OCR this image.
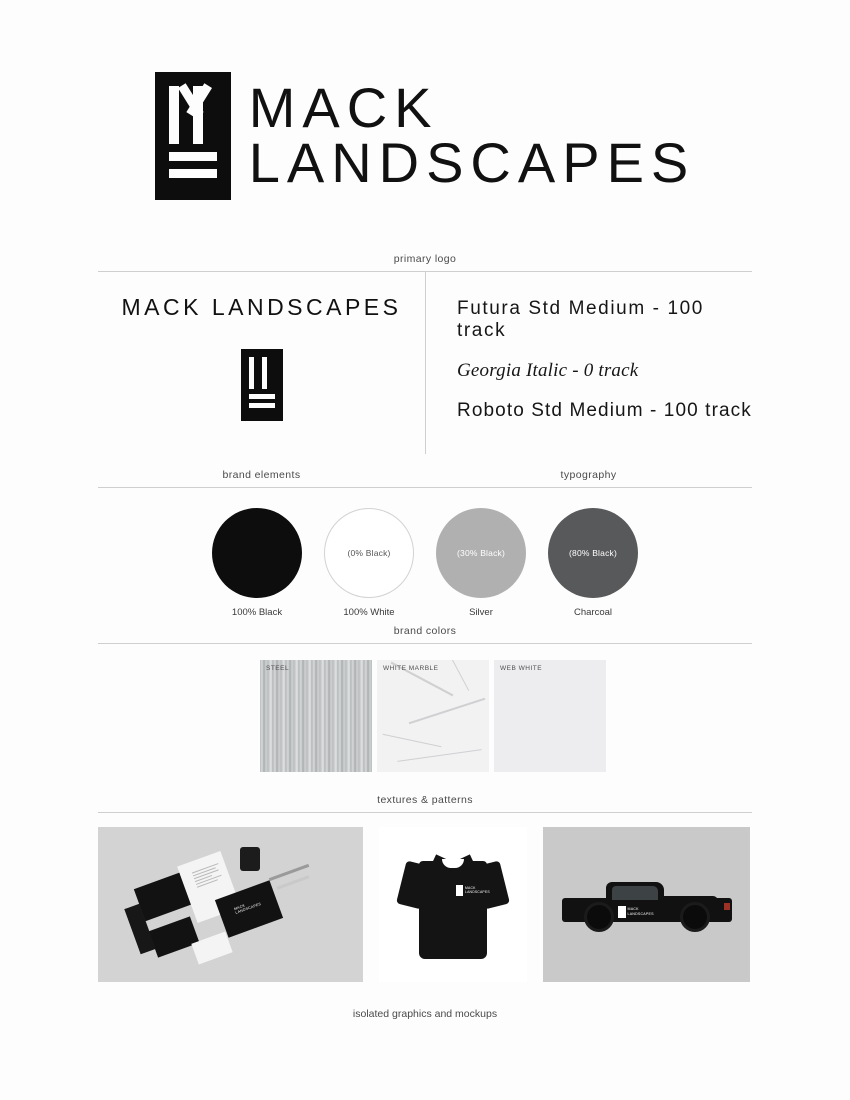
MACK
LANDSCAPES
primary logo
MACK LANDSCAPES	Futura Std Medium - 100 track
Georgia Italic - 0 track
Roboto Std Medium - 100 track
brand elements	typography
100% Black
(0% Black)
100% White
(30% Black)
Silver
(80% Black)
Charcoal
brand colors
STEEL	WHITE MARBLE	WEB WHITE
textures & patterns
MACK LANDSCAPES
MACK
LANDSCAPES
MACK
LANDSCAPES
isolated graphics and mockups
